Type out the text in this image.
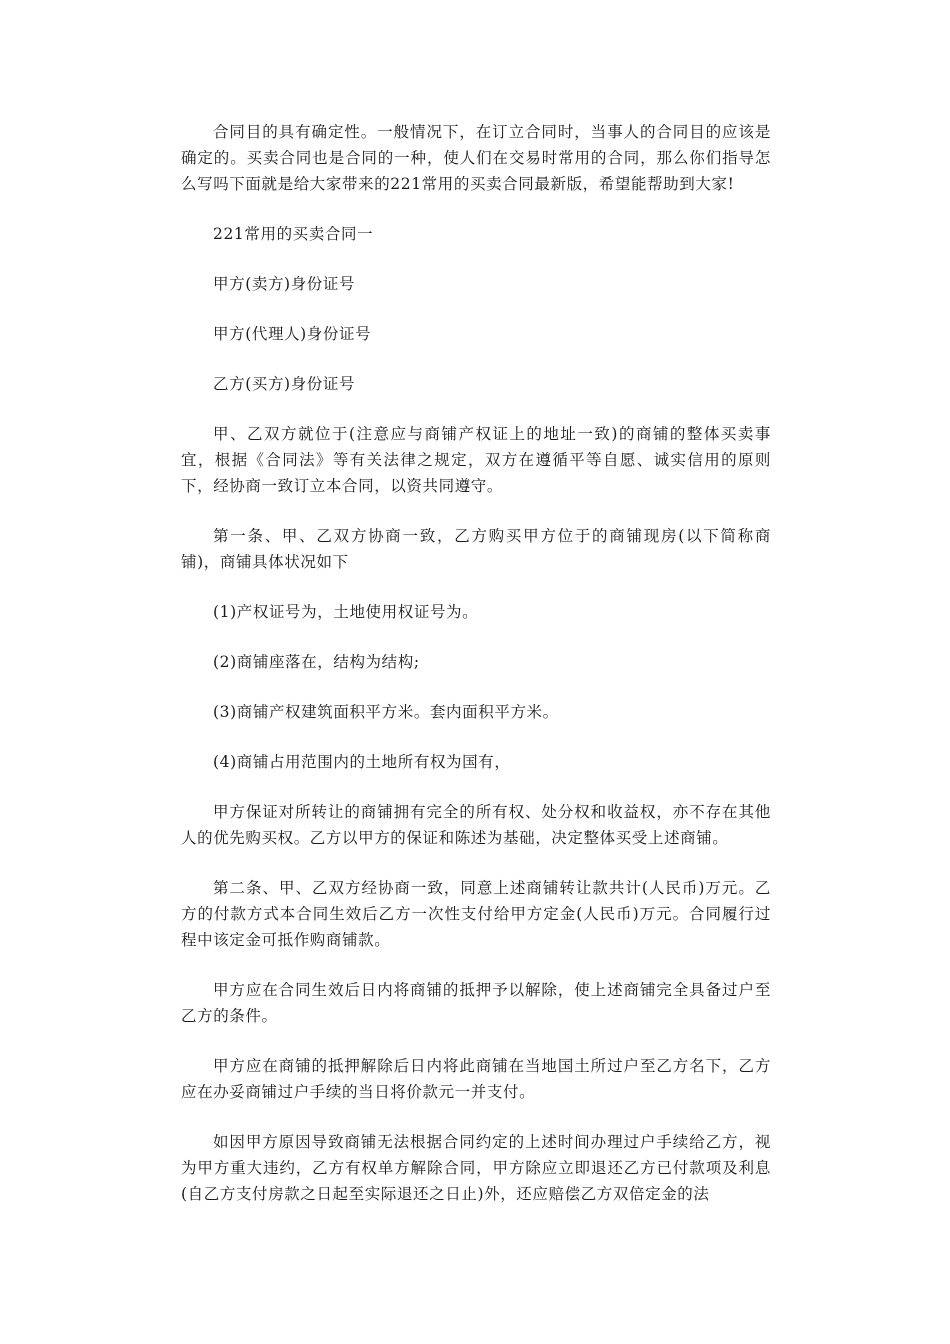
合同目的具有确定性。一般情况下，在订立合同时，当事人的合同目的应该是确定的。买卖合同也是合同的一种，使人们在交易时常用的合同，那么你们指导怎么写吗下面就是给大家带来的221常用的买卖合同最新版，希望能帮助到大家!

221常用的买卖合同一

甲方(卖方)身份证号

甲方(代理人)身份证号

乙方(买方)身份证号

甲、乙双方就位于(注意应与商铺产权证上的地址一致)的商铺的整体买卖事宜，根据《合同法》等有关法律之规定，双方在遵循平等自愿、诚实信用的原则下，经协商一致订立本合同，以资共同遵守。

第一条、甲、乙双方协商一致，乙方购买甲方位于的商铺现房(以下简称商铺)，商铺具体状况如下

(1)产权证号为，土地使用权证号为。

(2)商铺座落在，结构为结构;

(3)商铺产权建筑面积平方米。套内面积平方米。

(4)商铺占用范围内的土地所有权为国有，

甲方保证对所转让的商铺拥有完全的所有权、处分权和收益权，亦不存在其他人的优先购买权。乙方以甲方的保证和陈述为基础，决定整体买受上述商铺。

第二条、甲、乙双方经协商一致，同意上述商铺转让款共计(人民币)万元。乙方的付款方式本合同生效后乙方一次性支付给甲方定金(人民币)万元。合同履行过程中该定金可抵作购商铺款。

甲方应在合同生效后日内将商铺的抵押予以解除，使上述商铺完全具备过户至乙方的条件。

甲方应在商铺的抵押解除后日内将此商铺在当地国土所过户至乙方名下，乙方应在办妥商铺过户手续的当日将价款元一并支付。

如因甲方原因导致商铺无法根据合同约定的上述时间办理过户手续给乙方，视为甲方重大违约，乙方有权单方解除合同，甲方除应立即退还乙方已付款项及利息(自乙方支付房款之日起至实际退还之日止)外，还应赔偿乙方双倍定金的法
